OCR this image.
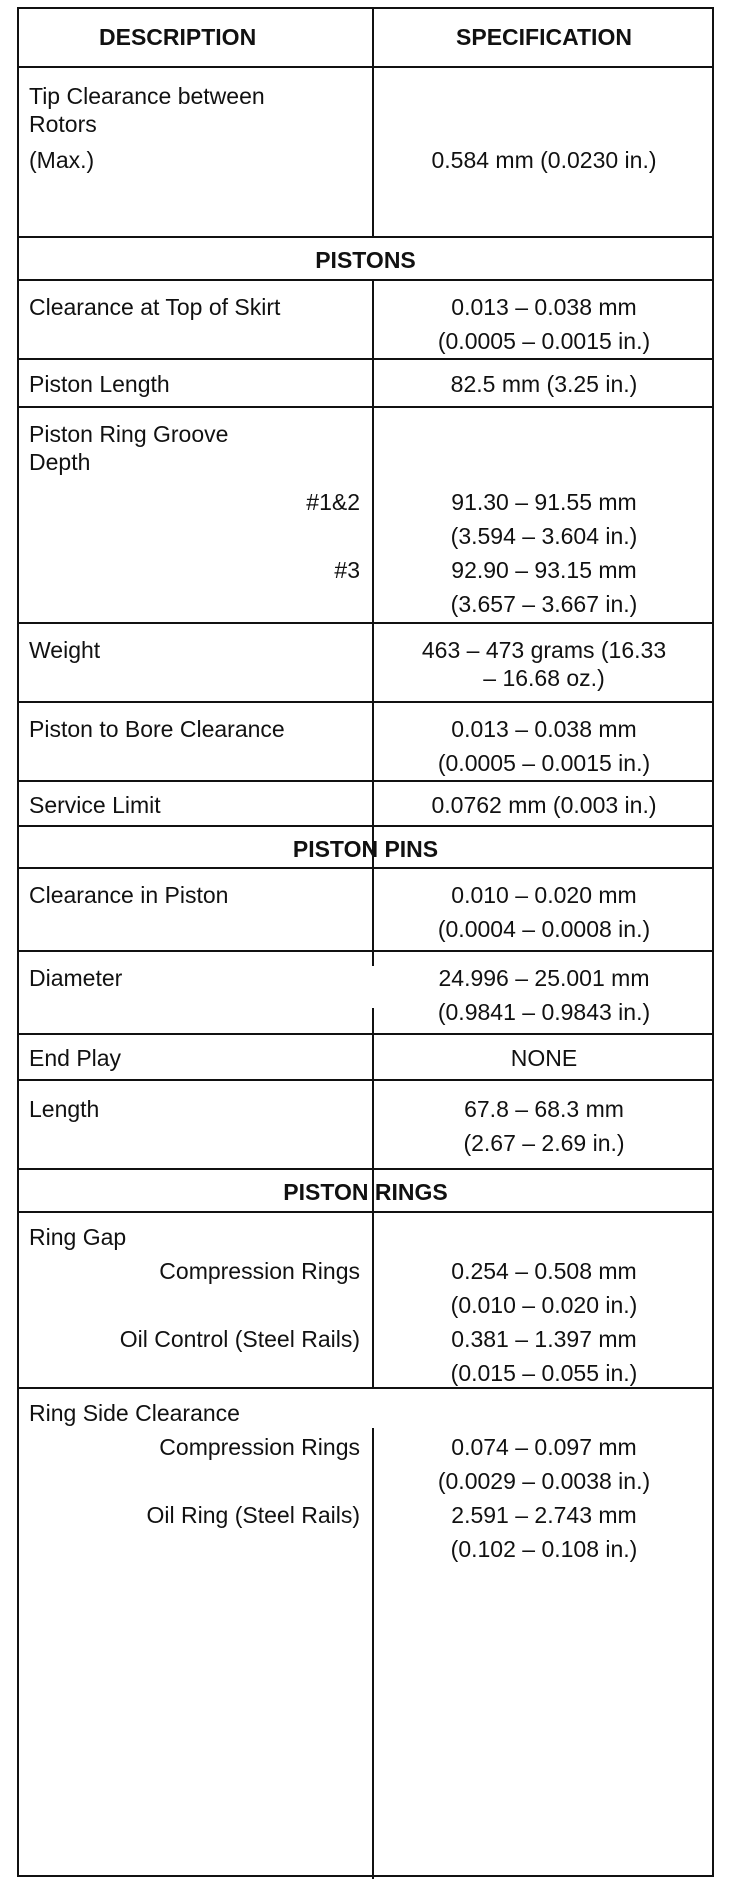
DESCRIPTION	SPECIFICATION
Tip Clearance between
Rotors
(Max.)	0.584 mm (0.0230 in.)
PISTONS
Clearance at Top of Skirt	0.013 – 0.038 mm
(0.0005 – 0.0015 in.)
Piston Length	82.5 mm (3.25 in.)
Piston Ring Groove
Depth
#1&2	91.30 – 91.55 mm
(3.594 – 3.604 in.)
#3	92.90 – 93.15 mm
(3.657 – 3.667 in.)
Weight	463 – 473 grams (16.33
– 16.68 oz.)
Piston to Bore Clearance	0.013 – 0.038 mm
(0.0005 – 0.0015 in.)
Service Limit	0.0762 mm (0.003 in.)
PISTON PINS
Clearance in Piston	0.010 – 0.020 mm
(0.0004 – 0.0008 in.)
Diameter	24.996 – 25.001 mm
(0.9841 – 0.9843 in.)
End Play	NONE
Length	67.8 – 68.3 mm
(2.67 – 2.69 in.)
PISTON RINGS
Ring Gap
Compression Rings	0.254 – 0.508 mm
(0.010 – 0.020 in.)
Oil Control (Steel Rails)	0.381 – 1.397 mm
(0.015 – 0.055 in.)
Ring Side Clearance
Compression Rings	0.074 – 0.097 mm
(0.0029 – 0.0038 in.)
Oil Ring (Steel Rails)	2.591 – 2.743 mm
(0.102 – 0.108 in.)
